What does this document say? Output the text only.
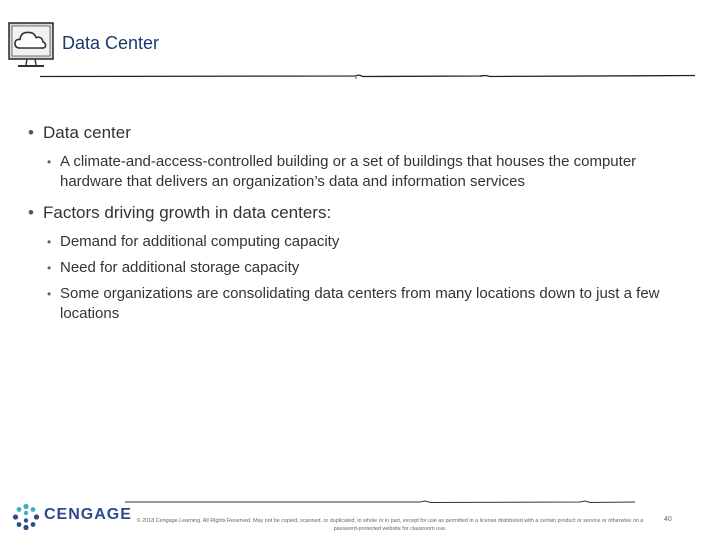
Data Center
• Data center
• A climate-and-access-controlled building or a set of buildings that houses the computer hardware that delivers an organization’s data and information services
• Factors driving growth in data centers:
• Demand for additional computing capacity
• Need for additional storage capacity
• Some organizations are consolidating data centers from many locations down to just a few locations
CENGAGE © 2018 Cengage Learning. All Rights Reserved. May not be copied, scanned, or duplicated, in whole or in part, except for use as permitted in a license distributed with a certain product or service or otherwise on a password-protected website for classroom use.
40
